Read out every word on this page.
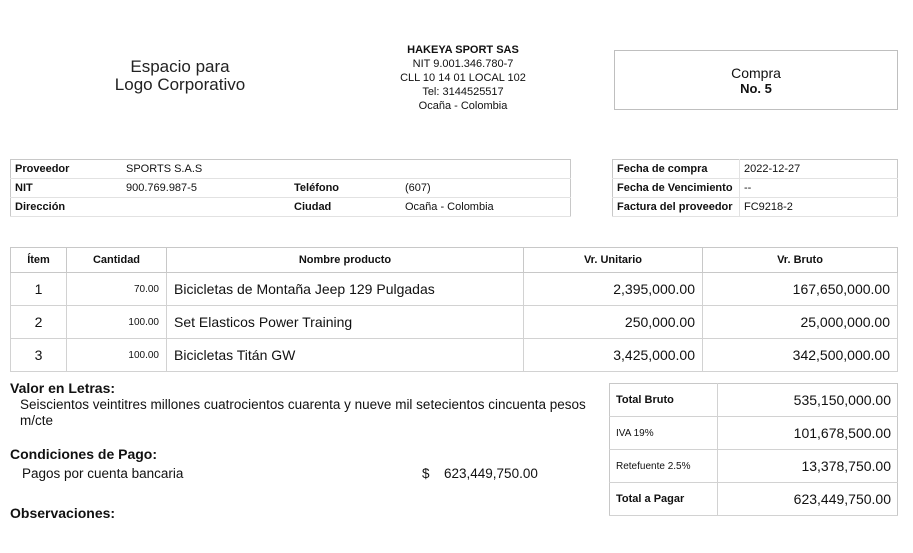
Espacio para
Logo Corporativo
HAKEYA SPORT SAS
NIT 9.001.346.780-7
CLL 10 14 01 LOCAL 102
Tel: 3144525517
Ocaña - Colombia
Compra
No. 5
Proveedor	SPORTS S.A.S		
NIT	900.769.987-5	Teléfono	(607)
Dirección		Ciudad	Ocaña - Colombia
Fecha de compra	2022-12-27
Fecha de Vencimiento	--
Factura del proveedor	FC9218-2
Ítem	Cantidad	Nombre producto	Vr. Unitario	Vr. Bruto
1	70.00	Bicicletas de Montaña Jeep 129 Pulgadas	2,395,000.00	167,650,000.00
2	100.00	Set Elasticos Power Training	250,000.00	25,000,000.00
3	100.00	Bicicletas Titán GW	3,425,000.00	342,500,000.00
Valor en Letras:
Seiscientos veintitres millones cuatrocientos cuarenta y nueve mil setecientos cincuenta pesos m/cte
Condiciones de Pago:
Pagos por cuenta bancaria	$ 623,449,750.00
Observaciones:
Total Bruto	535,150,000.00
IVA 19%	101,678,500.00
Retefuente 2.5%	13,378,750.00
Total a Pagar	623,449,750.00
